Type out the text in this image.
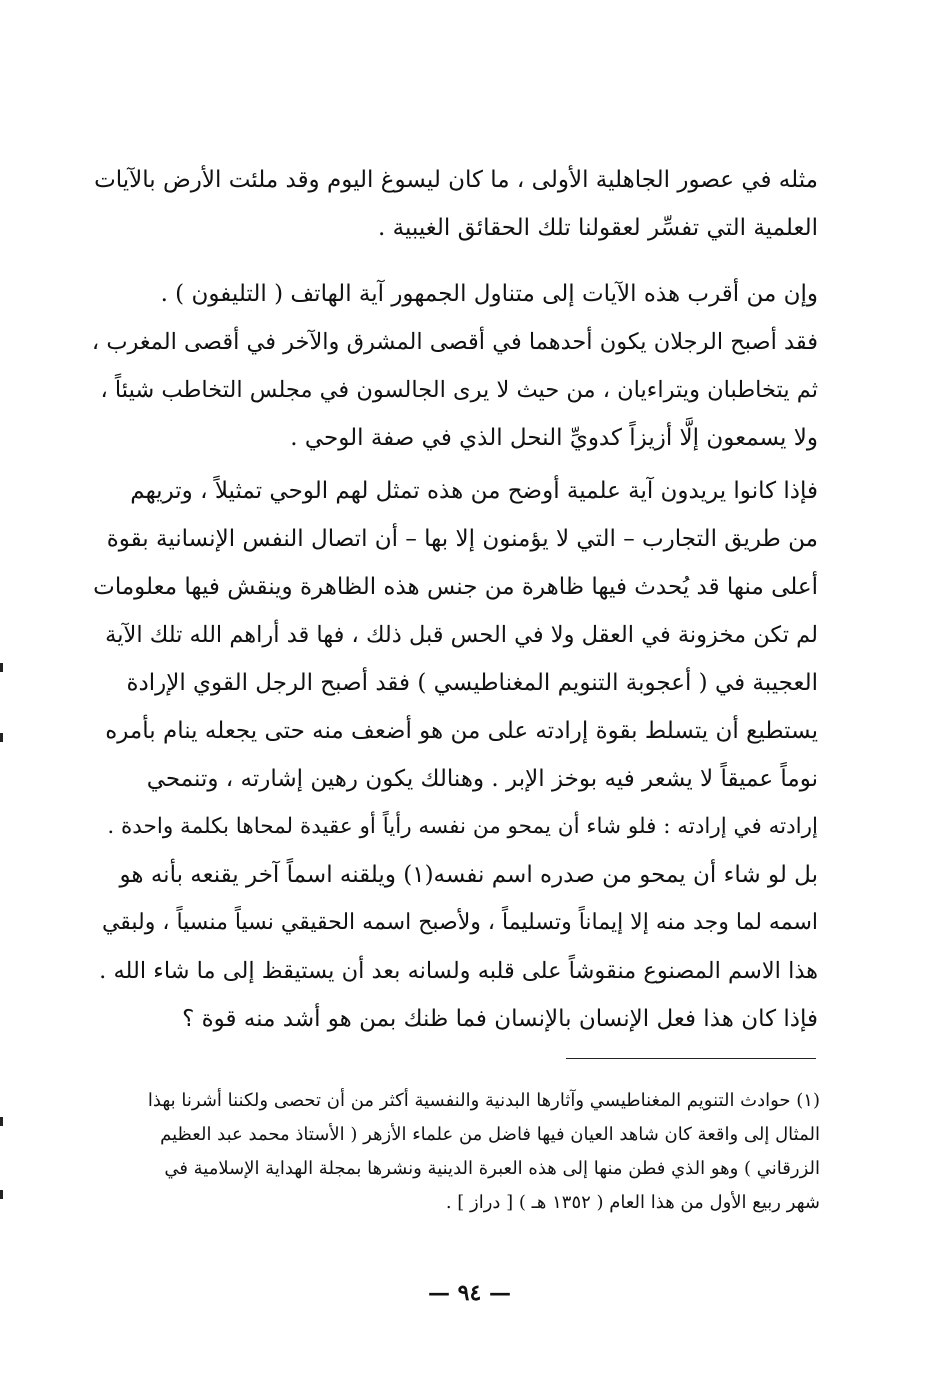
مثله في عصور الجاهلية الأولى ، ما كان ليسوغ اليوم وقد ملئت الأرض بالآيات
العلمية التي تفسِّر لعقولنا تلك الحقائق الغيبية .

وإن من أقرب هذه الآيات إلى متناول الجمهور آية الهاتف ( التليفون ) .
فقد أصبح الرجلان يكون أحدهما في أقصى المشرق والآخر في أقصى المغرب ،
ثم يتخاطبان ويتراءيان ، من حيث لا يرى الجالسون في مجلس التخاطب شيئاً ،
ولا يسمعون إلَّا أزيزاً كدويِّ النحل الذي في صفة الوحي .

فإذا كانوا يريدون آية علمية أوضح من هذه تمثل لهم الوحي تمثيلاً ، وتريهم
من طريق التجارب – التي لا يؤمنون إلا بها – أن اتصال النفس الإنسانية بقوة
أعلى منها قد يُحدث فيها ظاهرة من جنس هذه الظاهرة وينقش فيها معلومات
لم تكن مخزونة في العقل ولا في الحس قبل ذلك ، فها قد أراهم الله تلك الآية
العجيبة في ( أعجوبة التنويم المغناطيسي ) فقد أصبح الرجل القوي الإرادة
يستطيع أن يتسلط بقوة إرادته على من هو أضعف منه حتى يجعله ينام بأمره
نوماً عميقاً لا يشعر فيه بوخز الإبر . وهنالك يكون رهين إشارته ، وتنمحي
إرادته في إرادته : فلو شاء أن يمحو من نفسه رأياً أو عقيدة لمحاها بكلمة واحدة .
بل لو شاء أن يمحو من صدره اسم نفسه(١) ويلقنه اسماً آخر يقنعه بأنه هو
اسمه لما وجد منه إلا إيماناً وتسليماً ، ولأصبح اسمه الحقيقي نسياً منسياً ، ولبقي
هذا الاسم المصنوع منقوشاً على قلبه ولسانه بعد أن يستيقظ إلى ما شاء الله .
فإذا كان هذا فعل الإنسان بالإنسان فما ظنك بمن هو أشد منه قوة ؟

(١) حوادث التنويم المغناطيسي وآثارها البدنية والنفسية أكثر من أن تحصى ولكننا أشرنا بهذا
المثال إلى واقعة كان شاهد العيان فيها فاضل من علماء الأزهر ( الأستاذ محمد عبد العظيم
الزرقاني ) وهو الذي فطن منها إلى هذه العبرة الدينية ونشرها بمجلة الهداية الإسلامية في
شهر ربيع الأول من هذا العام ( ١٣٥٢ هـ ) [ دراز ] .
— ٩٤ —
